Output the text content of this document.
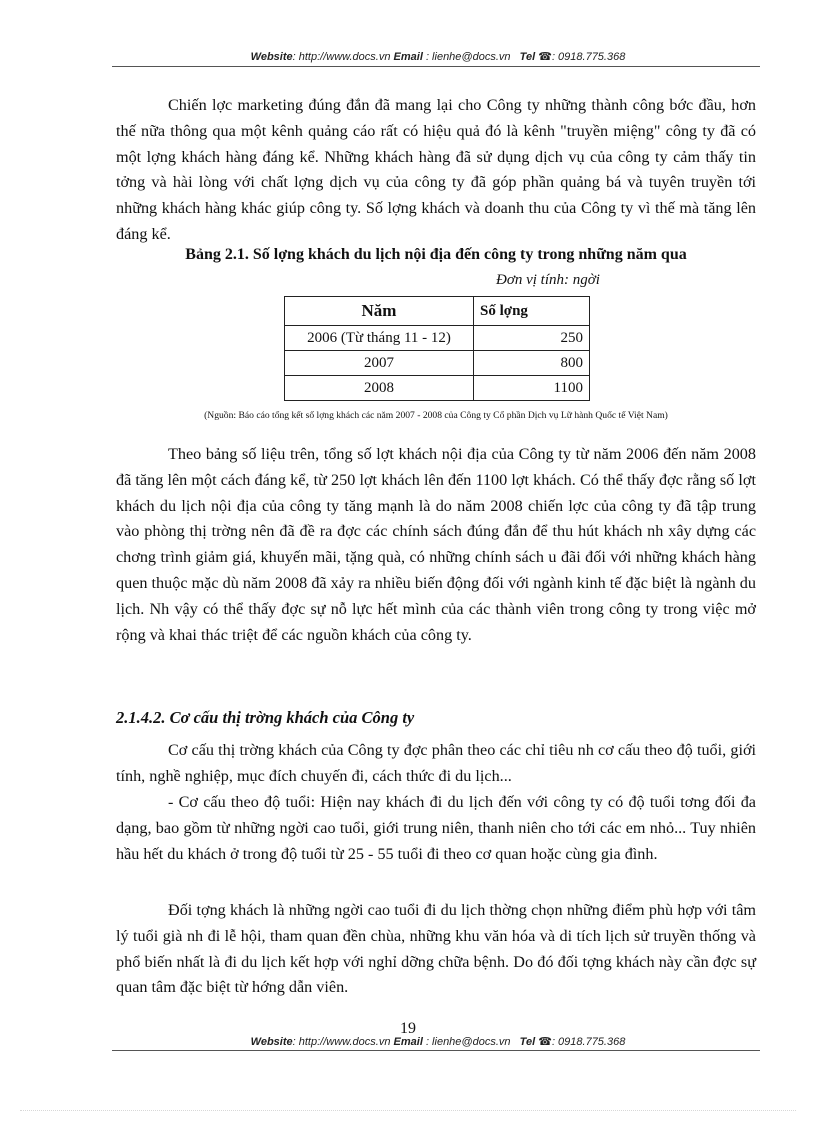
Website: http://www.docs.vn Email : lienhe@docs.vn Tel ☎: 0918.775.368
Chiến lợc marketing đúng đắn đã mang lại cho Công ty những thành công bớc đầu, hơn thế nữa thông qua một kênh quảng cáo rất có hiệu quả đó là kênh "truyền miệng" công ty đã có một lợng khách hàng đáng kể. Những khách hàng đã sử dụng dịch vụ của công ty cảm thấy tin tởng và hài lòng với chất lợng dịch vụ của công ty đã góp phần quảng bá và tuyên truyền tới những khách hàng khác giúp công ty. Số lợng khách và doanh thu của Công ty vì thế mà tăng lên đáng kể.
Bảng 2.1. Số lợng khách du lịch nội địa đến công ty trong những năm qua
Đơn vị tính: ngời
Năm	Số lợng
2006 (Từ tháng 11 - 12)	250
2007	800
2008	1100
(Nguồn: Báo cáo tổng kết số lợng khách các năm 2007 - 2008 của Công ty Cổ phần Dịch vụ Lữ hành Quốc tế Việt Nam)
Theo bảng số liệu trên, tổng số lợt khách nội địa của Công ty từ năm 2006 đến năm 2008 đã tăng lên một cách đáng kể, từ 250 lợt khách lên đến 1100 lợt khách. Có thể thấy đợc rằng số lợt khách du lịch nội địa của công ty tăng mạnh là do năm 2008 chiến lợc của công ty đã tập trung vào phòng thị trờng nên đã đề ra đợc các chính sách đúng đắn để thu hút khách nh xây dựng các chơng trình giảm giá, khuyến mãi, tặng quà, có những chính sách u đãi đối với những khách hàng quen thuộc mặc dù năm 2008 đã xảy ra nhiều biến động đối với ngành kinh tế đặc biệt là ngành du lịch. Nh vậy có thể thấy đợc sự nỗ lực hết mình của các thành viên trong công ty trong việc mở rộng và khai thác triệt để các nguồn khách của công ty.
2.1.4.2. Cơ cấu thị trờng khách của Công ty
Cơ cấu thị trờng khách của Công ty đợc phân theo các chỉ tiêu nh cơ cấu theo độ tuổi, giới tính, nghề nghiệp, mục đích chuyến đi, cách thức đi du lịch...
- Cơ cấu theo độ tuổi: Hiện nay khách đi du lịch đến với công ty có độ tuổi tơng đối đa dạng, bao gồm từ những ngời cao tuổi, giới trung niên, thanh niên cho tới các em nhỏ... Tuy nhiên hầu hết du khách ở trong độ tuổi từ 25 - 55 tuổi đi theo cơ quan hoặc cùng gia đình.
Đối tợng khách là những ngời cao tuổi đi du lịch thờng chọn những điểm phù hợp với tâm lý tuổi già nh đi lễ hội, tham quan đền chùa, những khu văn hóa và di tích lịch sử truyền thống và phổ biến nhất là đi du lịch kết hợp với nghỉ dỡng chữa bệnh. Do đó đối tợng khách này cần đợc sự quan tâm đặc biệt từ hớng dẫn viên.
19
Website: http://www.docs.vn Email : lienhe@docs.vn Tel ☎: 0918.775.368
